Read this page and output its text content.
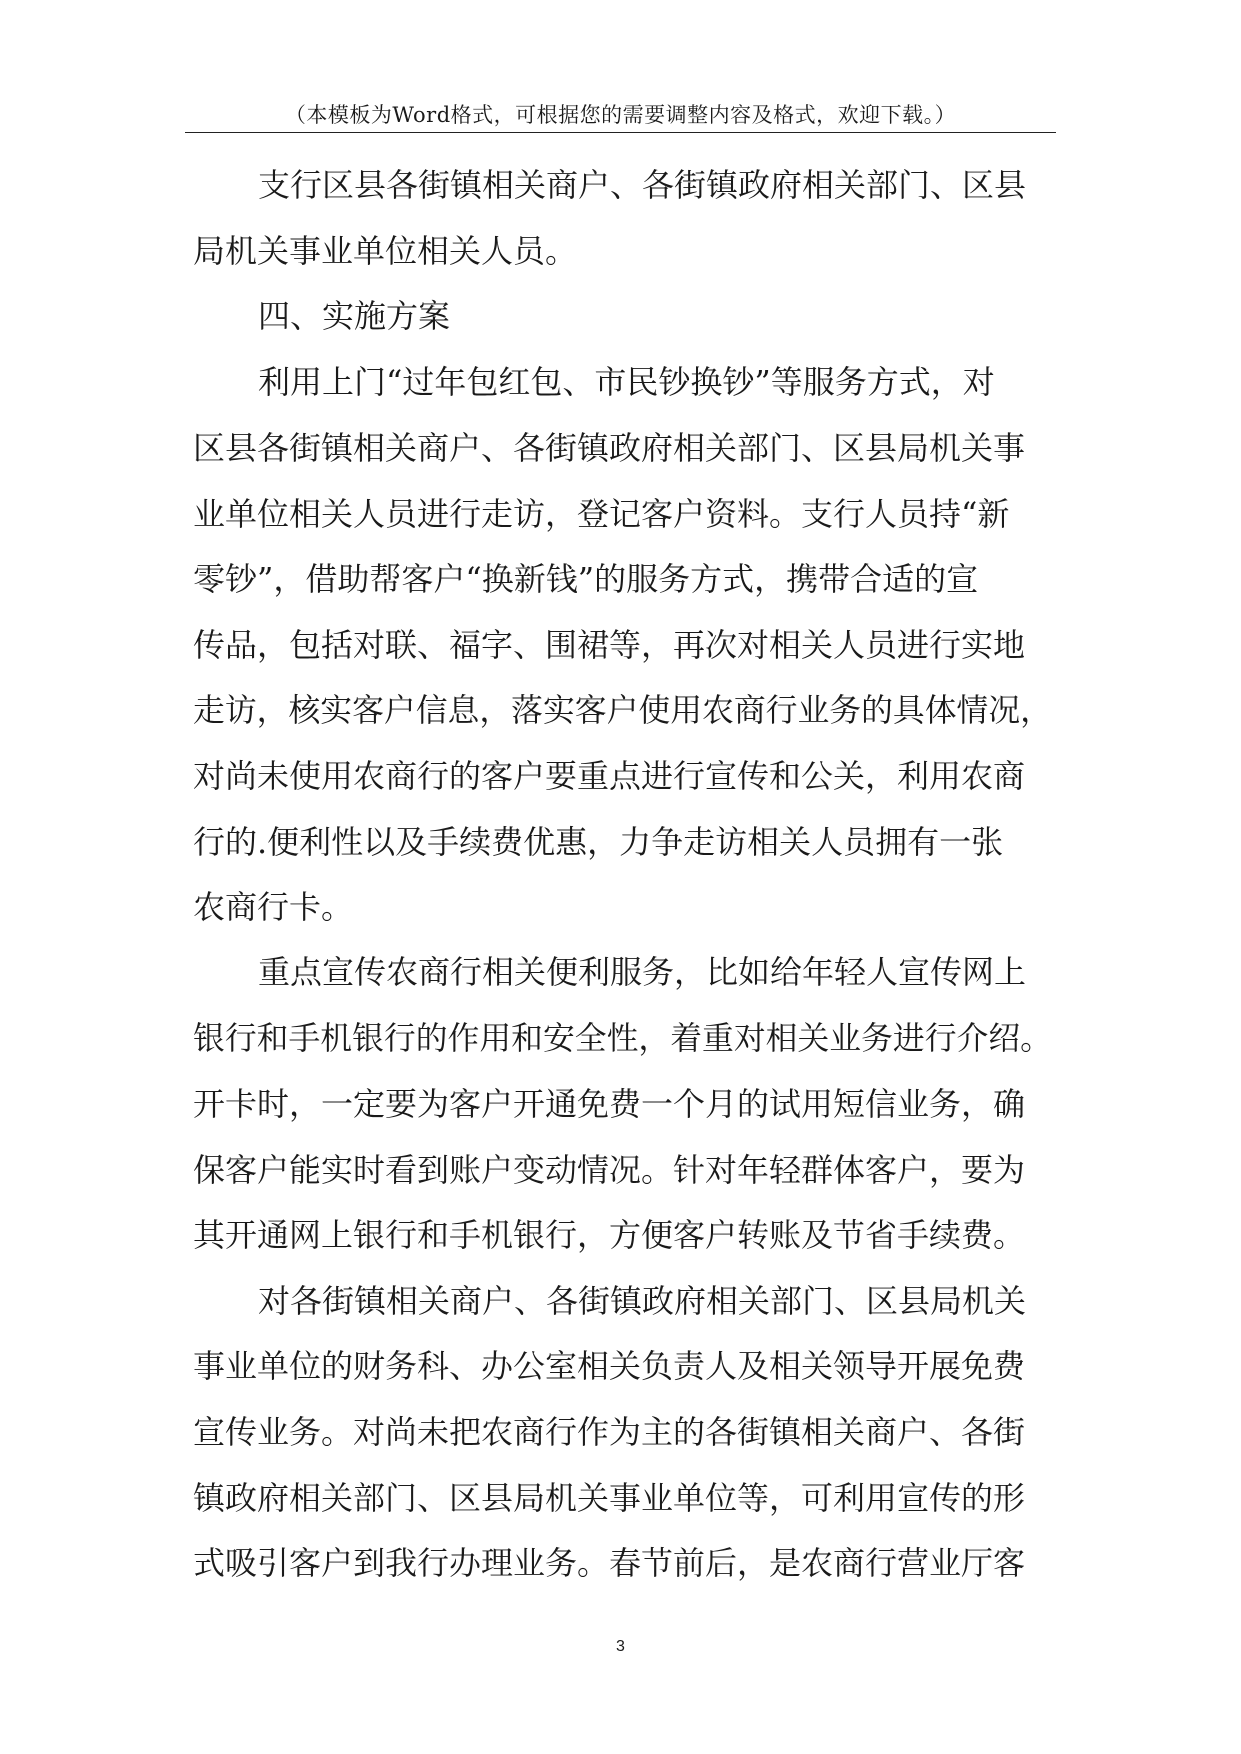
（本模板为Word格式，可根据您的需要调整内容及格式，欢迎下载。）
支行区县各街镇相关商户、各街镇政府相关部门、区县
局机关事业单位相关人员。
四、实施方案
利用上门“过年包红包、市民钞换钞”等服务方式，对
区县各街镇相关商户、各街镇政府相关部门、区县局机关事
业单位相关人员进行走访，登记客户资料。支行人员持“新
零钞”，借助帮客户“换新钱”的服务方式，携带合适的宣
传品，包括对联、福字、围裙等，再次对相关人员进行实地
走访，核实客户信息，落实客户使用农商行业务的具体情况，
对尚未使用农商行的客户要重点进行宣传和公关，利用农商
行的.便利性以及手续费优惠，力争走访相关人员拥有一张
农商行卡。
重点宣传农商行相关便利服务，比如给年轻人宣传网上
银行和手机银行的作用和安全性，着重对相关业务进行介绍。
开卡时，一定要为客户开通免费一个月的试用短信业务，确
保客户能实时看到账户变动情况。针对年轻群体客户，要为
其开通网上银行和手机银行，方便客户转账及节省手续费。
对各街镇相关商户、各街镇政府相关部门、区县局机关
事业单位的财务科、办公室相关负责人及相关领导开展免费
宣传业务。对尚未把农商行作为主的各街镇相关商户、各街
镇政府相关部门、区县局机关事业单位等，可利用宣传的形
式吸引客户到我行办理业务。春节前后，是农商行营业厅客
3
